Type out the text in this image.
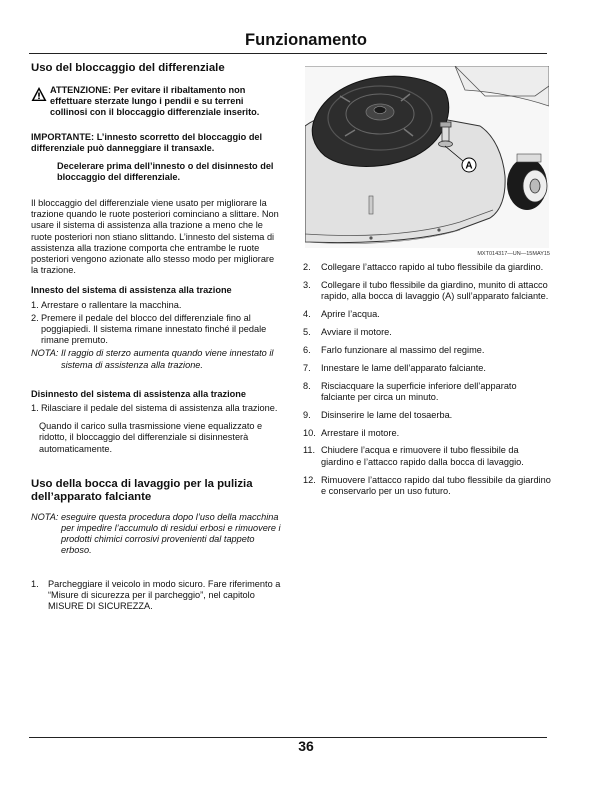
Funzionamento
Uso del bloccaggio del differenziale
ATTENZIONE: Per evitare il ribaltamento non effettuare sterzate lungo i pendii e su terreni collinosi con il bloccaggio differenziale inserito.

IMPORTANTE: L’innesto scorretto del bloccaggio del differenziale può danneggiare il transaxle.

Decelerare prima dell’innesto o del disinnesto del bloccaggio del differenziale.

Il bloccaggio del differenziale viene usato per migliorare la trazione quando le ruote posteriori cominciano a slittare. Non usare il sistema di assistenza alla trazione a meno che le ruote posteriori non stiano slittando. L’innesto del sistema di assistenza alla trazione comporta che entrambe le ruote posteriori vengono azionate allo stesso modo per migliorare la trazione.

Innesto del sistema di assistenza alla trazione
1. Arrestare o rallentare la macchina.
2. Premere il pedale del blocco del differenziale fino al poggiapiedi. Il sistema rimane innestato finché il pedale rimane premuto.

NOTA: Il raggio di sterzo aumenta quando viene innestato il sistema di assistenza alla trazione.

Disinnesto del sistema di assistenza alla trazione
1. Rilasciare il pedale del sistema di assistenza alla trazione.

Quando il carico sulla trasmissione viene equalizzato e ridotto, il bloccaggio del differenziale si disinnesterà automaticamente.

Uso della bocca di lavaggio per la pulizia dell’apparato falciante

NOTA: eseguire questa procedura dopo l’uso della macchina per impedire l’accumulo di residui erbosi e rimuovere i prodotti chimici corrosivi provenienti dal tappeto erboso.

1.	Parcheggiare il veicolo in modo sicuro. Fare riferimento a “Misure di sicurezza per il parcheggio”, nel capitolo MISURE DI SICUREZZA.
A
MXT014317—UN—15MAY15
2.	Collegare l’attacco rapido al tubo flessibile da giardino.
3.	Collegare il tubo flessibile da giardino, munito di attacco rapido, alla bocca di lavaggio (A) sull’apparato falciante.
4.	Aprire l’acqua.
5.	Avviare il motore.
6.	Farlo funzionare al massimo del regime.
7.	Innestare le lame dell’apparato falciante.
8.	Risciacquare la superficie inferiore dell’apparato falciante per circa un minuto.
9.	Disinserire le lame del tosaerba.
10. Arrestare il motore.
11. Chiudere l’acqua e rimuovere il tubo flessibile da giardino e l’attacco rapido dalla bocca di lavaggio.
12. Rimuovere l’attacco rapido dal tubo flessibile da giardino e conservarlo per un uso futuro.
36
